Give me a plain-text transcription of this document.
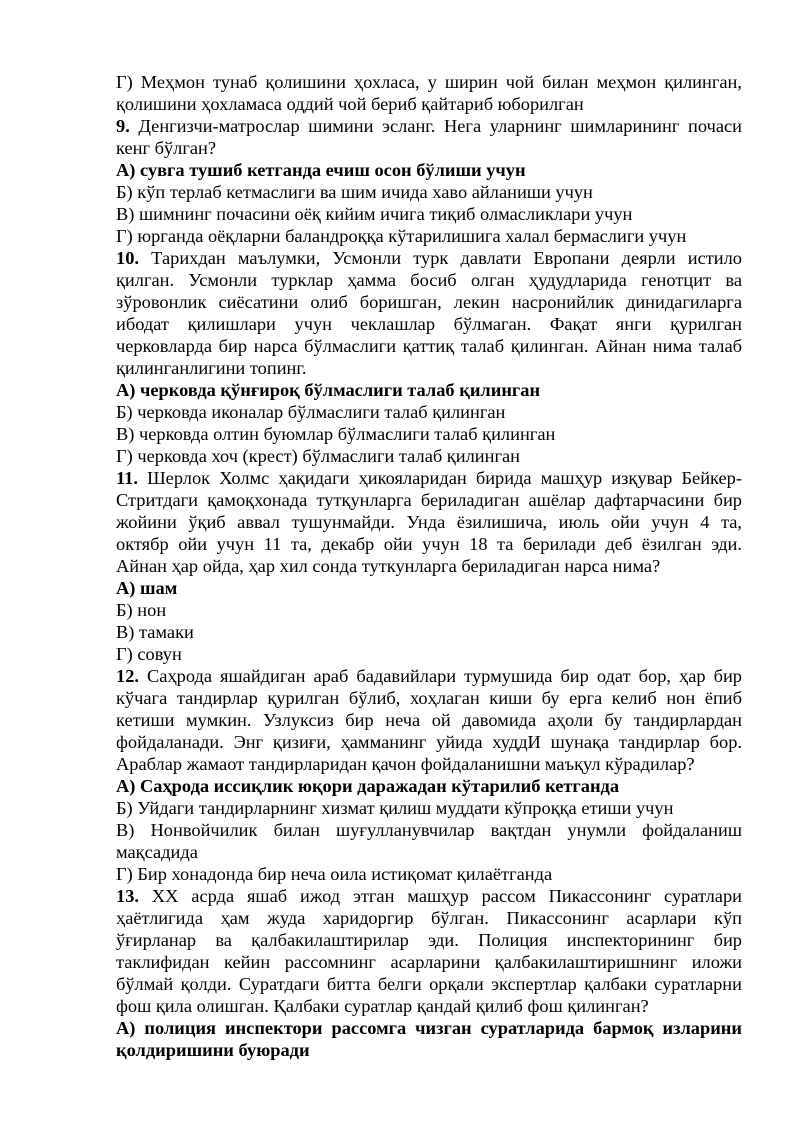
Г) Меҳмон тунаб қолишини ҳохласа, у ширин чой билан меҳмон қилинган,
қолишини ҳохламаса оддий чой бериб қайтариб юборилган
9. Денгизчи-матрослар шимини эсланг. Нега уларнинг шимларининг почаси
кенг бўлган?
А) сувга тушиб кетганда ечиш осон бўлиши учун
Б) кўп терлаб кетмаслиги ва шим ичида хаво айланиши учун
В) шимнинг почасини оёқ кийим ичига тиқиб олмасликлари учун
Г) юрганда оёқларни баландроққа кўтарилишига халал бермаслиги учун
10. Тарихдан маълумки, Усмонли турк давлати Европани деярли истило
қилган. Усмонли турклар ҳамма босиб олган ҳудудларида генотцит ва
зўровонлик сиёсатини олиб боришган, лекин насронийлик динидагиларга
ибодат қилишлари учун чеклашлар бўлмаган. Фақат янги қурилган
черковларда бир нарса бўлмаслиги қаттиқ талаб қилинган. Айнан нима талаб
қилинганлигини топинг.
А) черковда қўнғироқ бўлмаслиги талаб қилинган
Б) черковда иконалар бўлмаслиги талаб қилинган
В) черковда олтин буюмлар бўлмаслиги талаб қилинган
Г) черковда хоч (крест) бўлмаслиги талаб қилинган
11. Шерлок Холмс ҳақидаги ҳикояларидан бирида машҳур изқувар Бейкер-
Стритдаги қамоқхонада тутқунларга бериладиган ашёлар дафтарчасини бир
жойини ўқиб аввал тушунмайди. Унда ёзилишича, июль ойи учун 4 та,
октябр ойи учун 11 та, декабр ойи учун 18 та берилади деб ёзилган эди.
Айнан ҳар ойда, ҳар хил сонда туткунларга бериладиган нарса нима?
А) шам
Б) нон
В) тамаки
Г) совун
12. Саҳрода яшайдиган араб бадавийлари турмушида бир одат бор, ҳар бир
кўчага тандирлар қурилган бўлиб, хоҳлаган киши бу ерга келиб нон ёпиб
кетиши мумкин. Узлуксиз бир неча ой давомида аҳоли бу тандирлардан
фойдаланади. Энг қизиғи, ҳамманинг уйида худдИ шунақа тандирлар бор.
Араблар жамаот тандирларидан қачон фойдаланишни маъқул кўрадилар?
А) Саҳрода иссиқлик юқори даражадан кўтарилиб кетганда
Б) Уйдаги тандирларнинг хизмат қилиш муддати кўпроққа етиши учун
В) Нонвойчилик билан шуғулланувчилар вақтдан унумли фойдаланиш
мақсадида
Г) Бир хонадонда бир неча оила истиқомат қилаётганда
13. XX асрда яшаб ижод этган машҳур рассом Пикассонинг суратлари
ҳаётлигида ҳам жуда харидоргир бўлган. Пикассонинг асарлари кўп
ўғирланар ва қалбакилаштирилар эди. Полиция инспекторининг бир
таклифидан кейин рассомнинг асарларини қалбакилаштиришнинг иложи
бўлмай қолди. Суратдаги битта белги орқали экспертлар қалбаки суратларни
фош қила олишган. Қалбаки суратлар қандай қилиб фош қилинган?
А) полиция инспектори рассомга чизган суратларида бармоқ изларини
қолдиришини буюради
